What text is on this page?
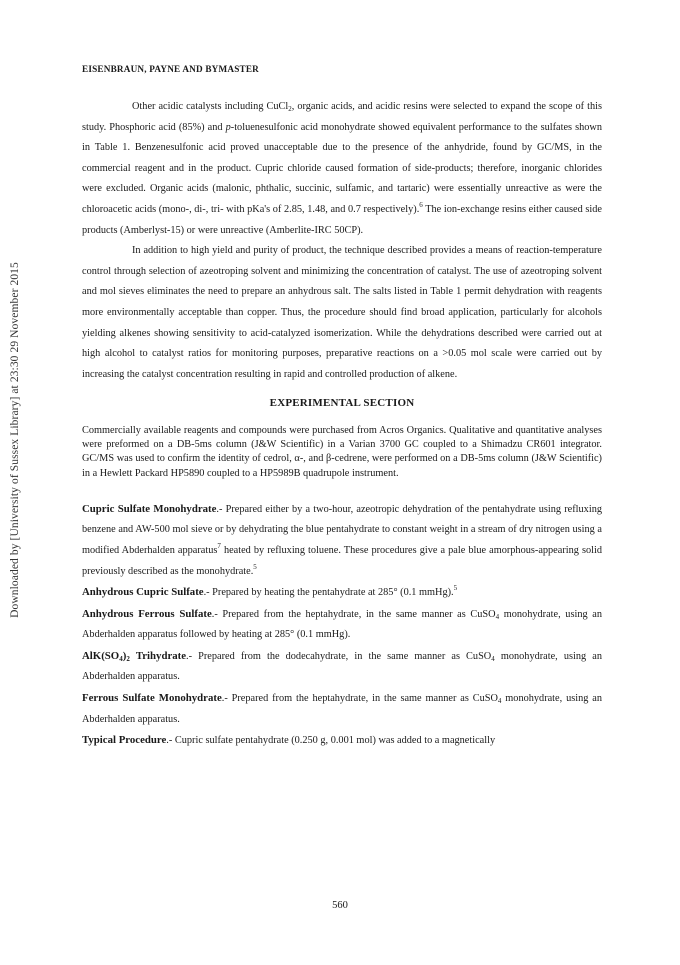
Downloaded by [University of Sussex Library] at 23:30 29 November 2015
EISENBRAUN, PAYNE AND BYMASTER

Other acidic catalysts including CuCl$_2$, organic acids, and acidic resins were selected to expand the scope of this study. Phosphoric acid (85%) and p-toluenesulfonic acid monohydrate showed equivalent performance to the sulfates shown in Table 1. Benzenesulfonic acid proved unacceptable due to the presence of the anhydride, found by GC/MS, in the commercial reagent and in the product. Cupric chloride caused formation of side-products; therefore, inorganic chlorides were excluded. Organic acids (malonic, phthalic, succinic, sulfamic, and tartaric) were essentially unreactive as were the chloroacetic acids (mono-, di-, tri- with pKa's of 2.85, 1.48, and 0.7 respectively).$^6$ The ion-exchange resins either caused side products (Amberlyst-15) or were unreactive (Amberlite-IRC 50CP).

In addition to high yield and purity of product, the technique described provides a means of reaction-temperature control through selection of azeotroping solvent and minimizing the concentration of catalyst. The use of azeotroping solvent and mol sieves eliminates the need to prepare an anhydrous salt. The salts listed in Table 1 permit dehydration with reagents more environmentally acceptable than copper. Thus, the procedure should find broad application, particularly for alcohols yielding alkenes showing sensitivity to acid-catalyzed isomerization. While the dehydrations described were carried out at high alcohol to catalyst ratios for monitoring purposes, preparative reactions on a >0.05 mol scale were carried out by increasing the catalyst concentration resulting in rapid and controlled production of alkene.

EXPERIMENTAL SECTION

Commercially available reagents and compounds were purchased from Acros Organics. Qualitative and quantitative analyses were preformed on a DB-5ms column (J&W Scientific) in a Varian 3700 GC coupled to a Shimadzu CR601 integrator. GC/MS was used to confirm the identity of cedrol, α-, and β-cedrene, were performed on a DB-5ms column (J&W Scientific) in a Hewlett Packard HP5890 coupled to a HP5989B quadrupole instrument.

Cupric Sulfate Monohydrate.- Prepared either by a two-hour, azeotropic dehydration of the pentahydrate using refluxing benzene and AW-500 mol sieve or by dehydrating the blue pentahydrate to constant weight in a stream of dry nitrogen using a modified Abderhalden apparatus$^7$ heated by refluxing toluene. These procedures give a pale blue amorphous-appearing solid previously described as the monohydrate.$^5$

Anhydrous Cupric Sulfate.- Prepared by heating the pentahydrate at 285° (0.1 mmHg).$^5$

Anhydrous Ferrous Sulfate.- Prepared from the heptahydrate, in the same manner as CuSO$_4$ monohydrate, using an Abderhalden apparatus followed by heating at 285° (0.1 mmHg).

$AlK(SO_4)_2$ Trihydrate.- Prepared from the dodecahydrate, in the same manner as CuSO$_4$ monohydrate, using an Abderhalden apparatus.

Ferrous Sulfate Monohydrate.- Prepared from the heptahydrate, in the same manner as CuSO$_4$ monohydrate, using an Abderhalden apparatus.

Typical Procedure.- Cupric sulfate pentahydrate (0.250 g, 0.001 mol) was added to a magnetically

560
